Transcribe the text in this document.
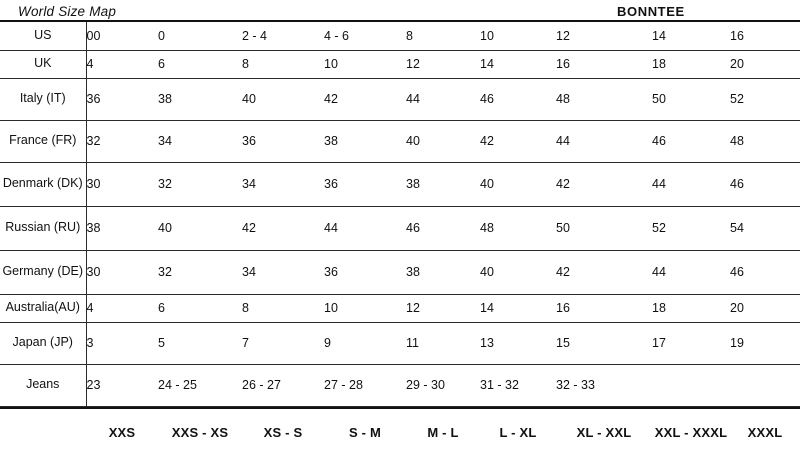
World Size Map	BONNTEE
US	00	0	2 - 4	4 - 6	8	10	12	14	16
UK	4	6	8	10	12	14	16	18	20
Italy (IT)	36	38	40	42	44	46	48	50	52
France (FR)	32	34	36	38	40	42	44	46	48
Denmark (DK)	30	32	34	36	38	40	42	44	46
Russian (RU)	38	40	42	44	46	48	50	52	54
Germany (DE)	30	32	34	36	38	40	42	44	46
Australia(AU)	4	6	8	10	12	14	16	18	20
Japan (JP)	3	5	7	9	11	13	15	17	19
Jeans	23	24 - 25	26 - 27	27 - 28	29 - 30	31 - 32	32 - 33		
	XXS	XXS - XS	XS - S	S - M	M - L	L - XL	XL - XXL	XXL - XXXL	XXXL
